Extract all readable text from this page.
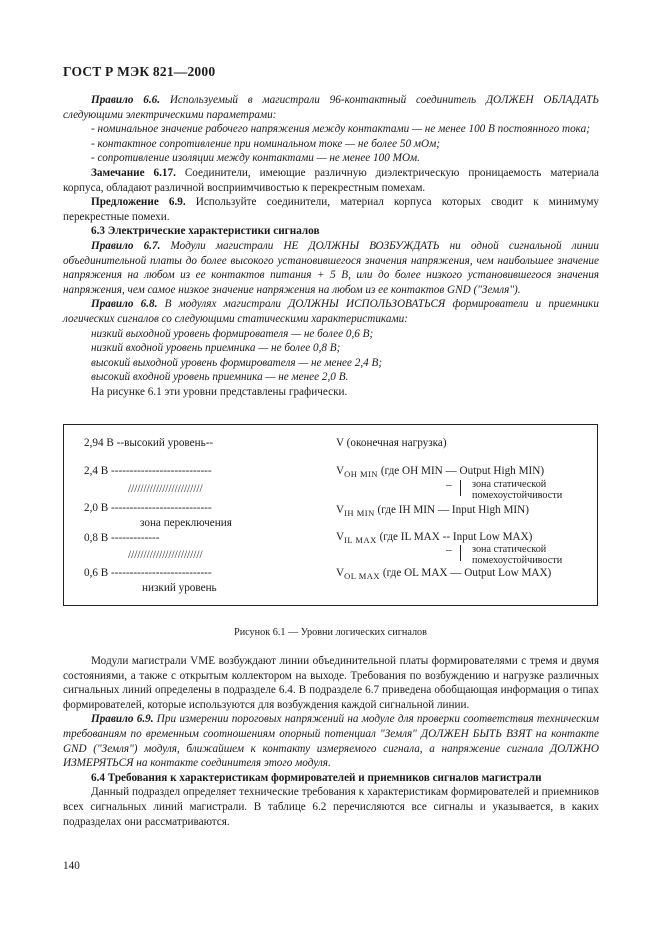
ГОСТ Р МЭК 821—2000

Правило 6.6. Используемый в магистрали 96-контактный соединитель ДОЛЖЕН ОБЛАДАТЬ следующими электрическими параметрами:

- номинальное значение рабочего напряжения между контактами — не менее 100 В постоянного тока;

- контактное сопротивление при номинальном токе — не более 50 мОм;

- сопротивление изоляции между контактами — не менее 100 МОм.

Замечание 6.17. Соединители, имеющие различную диэлектрическую проницаемость материала корпуса, обладают различной восприимчивостью к перекрестным помехам.

Предложение 6.9. Используйте соединители, материал корпуса которых сводит к минимуму перекрестные помехи.

6.3 Электрические характеристики сигналов

Правило 6.7. Модули магистрали НЕ ДОЛЖНЫ ВОЗБУЖДАТЬ ни одной сигнальной линии объединительной платы до более высокого установившегося значения напряжения, чем наибольшее значение напряжения на любом из ее контактов питания + 5 В, или до более низкого установившегося значения напряжения, чем самое низкое значение напряжения на любом из ее контактов GND ("Земля").

Правило 6.8. В модулях магистрали ДОЛЖНЫ ИСПОЛЬЗОВАТЬСЯ формирователи и приемники логических сигналов со следующими статическими характеристиками:

низкий выходной уровень формирователя — не более 0,6 В;

низкий входной уровень приемника — не более 0,8 В;

высокий выходной уровень формирователя — не менее 2,4 В;

высокий входной уровень приемника — не менее 2,0 В.

На рисунке 6.1 эти уровни представлены графически.

2,94 В --высокий уровень--
2,4 В ---------------------------
////////////////////////
2,0 В ---------------------------
зона переключения
0,8 В -------------
////////////////////////
0,6 В ---------------------------
низкий уровень
V (оконечная нагрузка)
$V_{OH MIN}$ (где OH MIN — Output High MIN)
– зона статической
помехоустойчивости
$V_{IH MIN}$ (где IH MIN — Input High MIN)
$V_{IL MAX}$ (где IL MAX -- Input Low MAX)
– зона статической
помехоустойчивости
$V_{OL MAX}$ (где OL MAX — Output Low MAX)
Рисунок 6.1 — Уровни логических сигналов

Модули магистрали VME возбуждают линии объединительной платы формирователями с тремя и двумя состояниями, а также с открытым коллектором на выходе. Требования по возбуждению и нагрузке различных сигнальных линий определены в подразделе 6.4. В подразделе 6.7 приведена обобщающая информация о типах формирователей, которые используются для возбуждения каждой сигнальной линии.

Правило 6.9. При измерении пороговых напряжений на модуле для проверки соответствия техническим требованиям по временным соотношениям опорный потенциал "Земля" ДОЛЖЕН БЫТЬ ВЗЯТ на контакте GND ("Земля") модуля, ближайшем к контакту измеряемого сигнала, а напряжение сигнала ДОЛЖНО ИЗМЕРЯТЬСЯ на контакте соединителя этого модуля.

6.4 Требования к характеристикам формирователей и приемников сигналов магистрали

Данный подраздел определяет технические требования к характеристикам формирователей и приемников всех сигнальных линий магистрали. В таблице 6.2 перечисляются все сигналы и указывается, в каких подразделах они рассматриваются.

140
